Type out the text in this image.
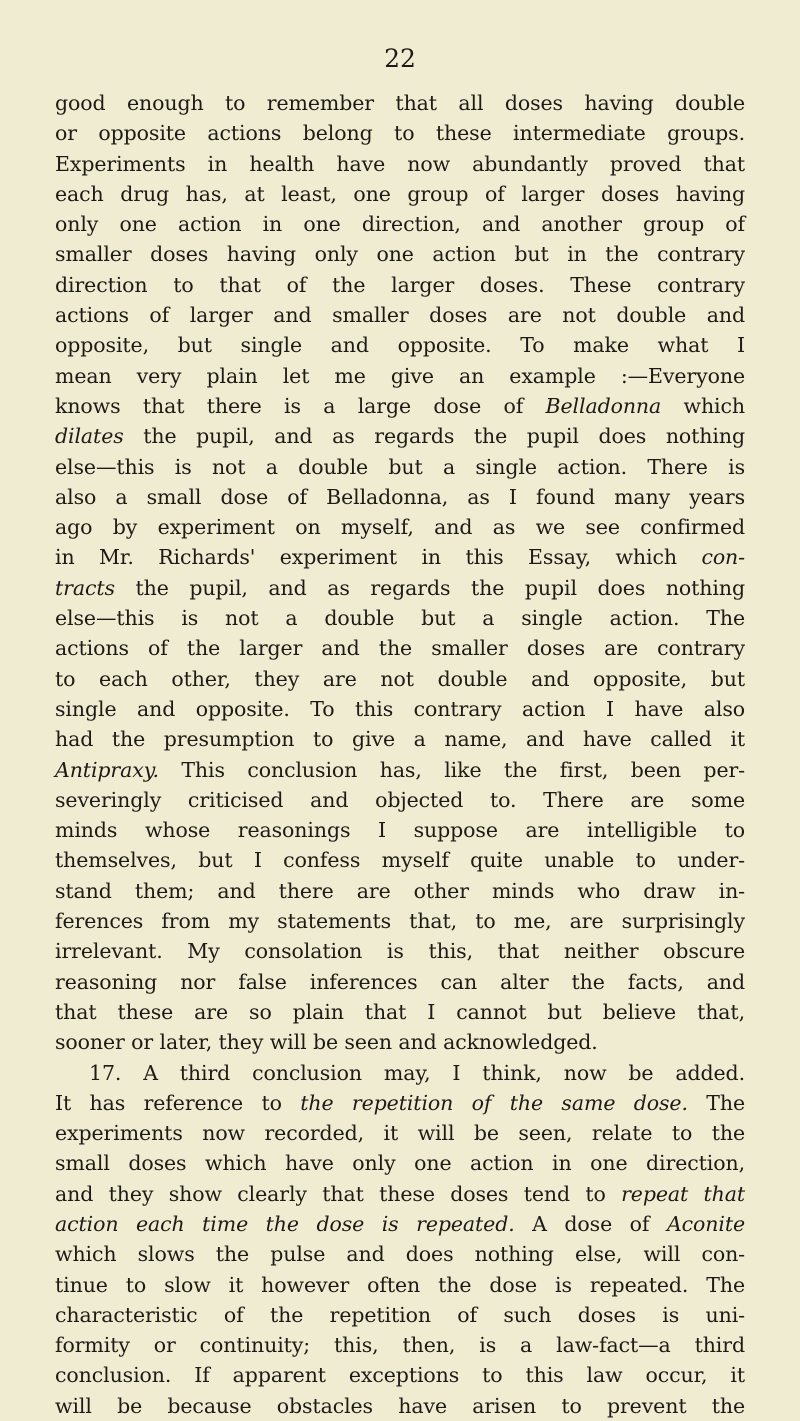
22
good enough to remember that all doses having double
or opposite actions belong to these intermediate groups.
Experiments in health have now abundantly proved that
each drug has, at least, one group of larger doses having
only one action in one direction, and another group of
smaller doses having only one action but in the contrary
direction to that of the larger doses. These contrary
actions of larger and smaller doses are not double and
opposite, but single and opposite. To make what I
mean very plain let me give an example :—Everyone
knows that there is a large dose of Belladonna which
dilates the pupil, and as regards the pupil does nothing
else—this is not a double but a single action. There is
also a small dose of Belladonna, as I found many years
ago by experiment on myself, and as we see confirmed
in Mr. Richards' experiment in this Essay, which con-
tracts the pupil, and as regards the pupil does nothing
else—this is not a double but a single action. The
actions of the larger and the smaller doses are contrary
to each other, they are not double and opposite, but
single and opposite. To this contrary action I have also
had the presumption to give a name, and have called it
Antipraxy. This conclusion has, like the first, been per-
severingly criticised and objected to. There are some
minds whose reasonings I suppose are intelligible to
themselves, but I confess myself quite unable to under-
stand them; and there are other minds who draw in-
ferences from my statements that, to me, are surprisingly
irrelevant. My consolation is this, that neither obscure
reasoning nor false inferences can alter the facts, and
that these are so plain that I cannot but believe that,
sooner or later, they will be seen and acknowledged.
17. A third conclusion may, I think, now be added.
It has reference to the repetition of the same dose. The
experiments now recorded, it will be seen, relate to the
small doses which have only one action in one direction,
and they show clearly that these doses tend to repeat that
action each time the dose is repeated. A dose of Aconite
which slows the pulse and does nothing else, will con-
tinue to slow it however often the dose is repeated. The
characteristic of the repetition of such doses is uni-
formity or continuity; this, then, is a law-fact—a third
conclusion. If apparent exceptions to this law occur, it
will be because obstacles have arisen to prevent the
